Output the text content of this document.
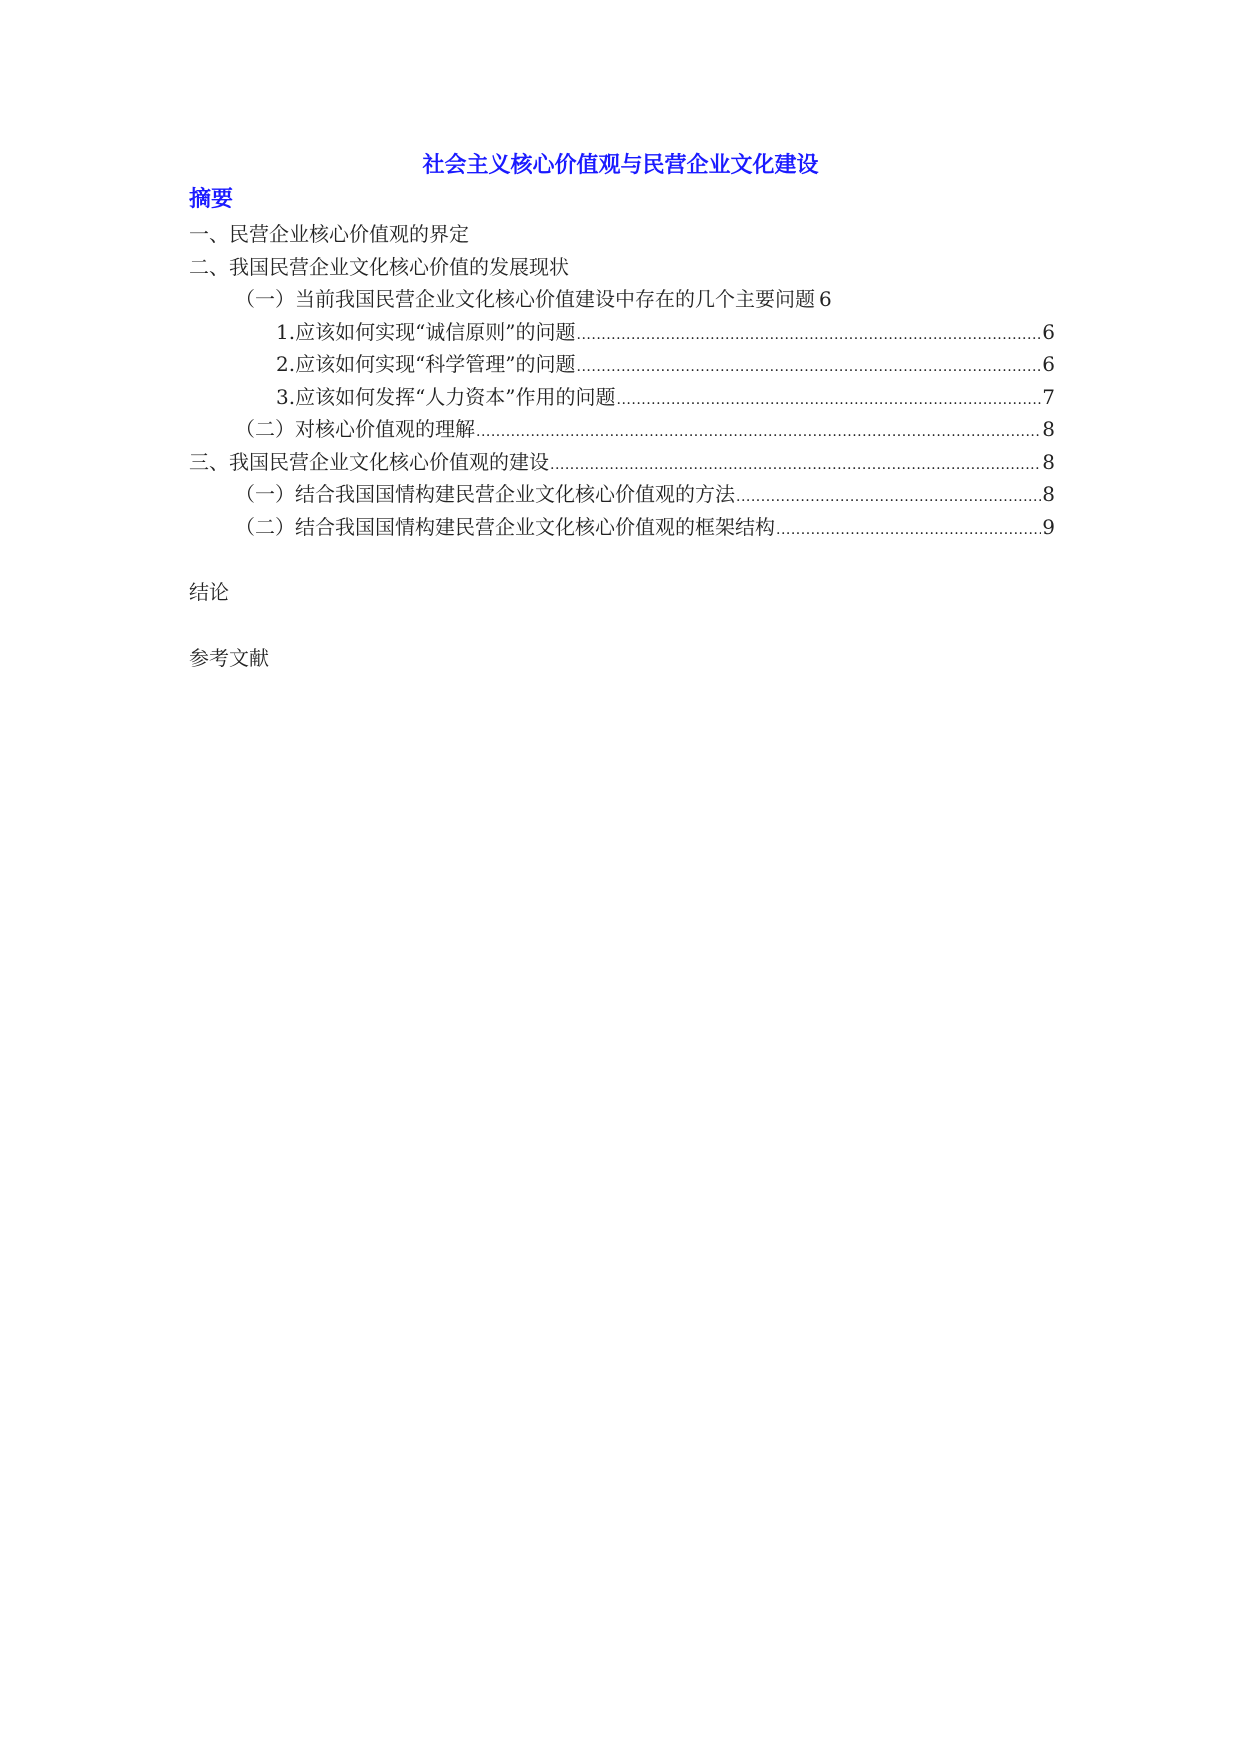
社会主义核心价值观与民营企业文化建设
摘要
一、民营企业核心价值观的界定
二、我国民营企业文化核心价值的发展现状
（一）当前我国民营企业文化核心价值建设中存在的几个主要问题 6
1.应该如何实现“诚信原则”的问题 .....	6
2.应该如何实现“科学管理”的问题 .....	6
3.应该如何发挥“人力资本”作用的问题 .....	7
（二）对核心价值观的理解 .....	8
三、我国民营企业文化核心价值观的建设 .....	8
（一）结合我国国情构建民营企业文化核心价值观的方法 .....	8
（二）结合我国国情构建民营企业文化核心价值观的框架结构 .....	9
结论
参考文献
